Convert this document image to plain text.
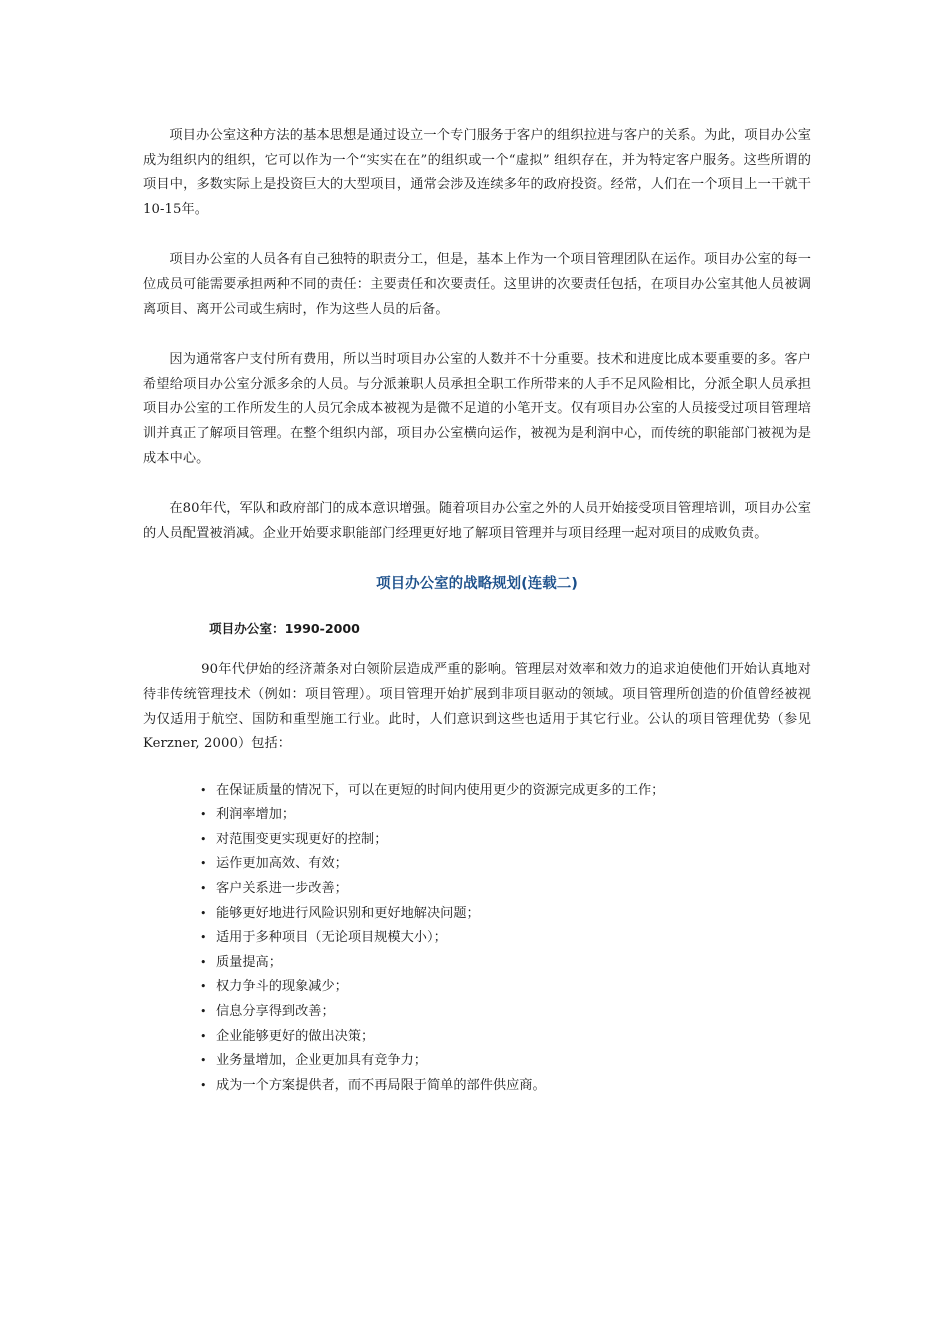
项目办公室这种方法的基本思想是通过设立一个专门服务于客户的组织拉进与客户的关系。为此，项目办公室成为组织内的组织，它可以作为一个“实实在在”的组织或一个“虚拟” 组织存在，并为特定客户服务。这些所谓的项目中，多数实际上是投资巨大的大型项目，通常会涉及连续多年的政府投资。经常，人们在一个项目上一干就干10-15年。

项目办公室的人员各有自己独特的职责分工，但是，基本上作为一个项目管理团队在运作。项目办公室的每一位成员可能需要承担两种不同的责任：主要责任和次要责任。这里讲的次要责任包括，在项目办公室其他人员被调离项目、离开公司或生病时，作为这些人员的后备。

因为通常客户支付所有费用，所以当时项目办公室的人数并不十分重要。技术和进度比成本要重要的多。客户希望给项目办公室分派多余的人员。与分派兼职人员承担全职工作所带来的人手不足风险相比，分派全职人员承担项目办公室的工作所发生的人员冗余成本被视为是微不足道的小笔开支。仅有项目办公室的人员接受过项目管理培训并真正了解项目管理。在整个组织内部，项目办公室横向运作，被视为是利润中心，而传统的职能部门被视为是成本中心。

在80年代，军队和政府部门的成本意识增强。随着项目办公室之外的人员开始接受项目管理培训，项目办公室的人员配置被消减。企业开始要求职能部门经理更好地了解项目管理并与项目经理一起对项目的成败负责。

项目办公室的战略规划(连载二)
项目办公室：1990-2000

90年代伊始的经济萧条对白领阶层造成严重的影响。管理层对效率和效力的追求迫使他们开始认真地对待非传统管理技术（例如：项目管理）。项目管理开始扩展到非项目驱动的领域。项目管理所创造的价值曾经被视为仅适用于航空、国防和重型施工行业。此时，人们意识到这些也适用于其它行业。公认的项目管理优势（参见Kerzner, 2000）包括：

• 在保证质量的情况下，可以在更短的时间内使用更少的资源完成更多的工作；
• 利润率增加；
• 对范围变更实现更好的控制；
• 运作更加高效、有效；
• 客户关系进一步改善；
• 能够更好地进行风险识别和更好地解决问题；
• 适用于多种项目（无论项目规模大小）；
• 质量提高；
• 权力争斗的现象减少；
• 信息分享得到改善；
• 企业能够更好的做出决策；
• 业务量增加，企业更加具有竞争力；
• 成为一个方案提供者，而不再局限于简单的部件供应商。
